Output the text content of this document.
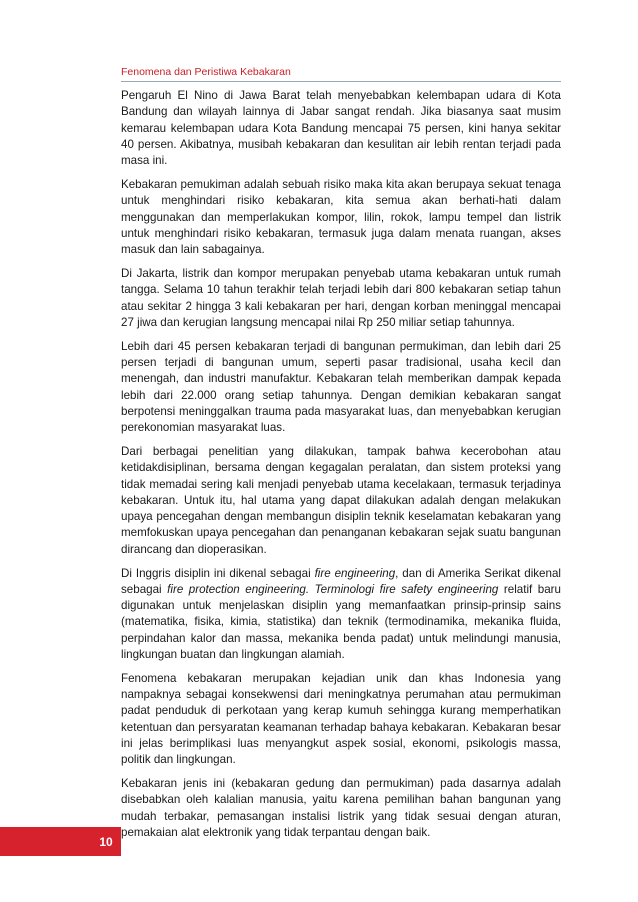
Fenomena dan Peristiwa Kebakaran

Pengaruh El Nino di Jawa Barat telah menyebabkan kelembapan udara di Kota Bandung dan wilayah lainnya di Jabar sangat rendah. Jika biasanya saat musim kemarau kelembapan udara Kota Bandung mencapai 75 persen, kini hanya sekitar 40 persen. Akibatnya, musibah kebakaran dan kesulitan air lebih rentan terjadi pada masa ini.

Kebakaran pemukiman adalah sebuah risiko maka kita akan berupaya sekuat tenaga untuk menghindari risiko kebakaran, kita semua akan berhati-hati dalam menggunakan dan memperlakukan kompor, lilin, rokok, lampu tempel dan listrik untuk menghindari risiko kebakaran, termasuk juga dalam menata ruangan, akses masuk dan lain sabagainya.

Di Jakarta, listrik dan kompor merupakan penyebab utama kebakaran untuk rumah tangga. Selama 10 tahun terakhir telah terjadi lebih dari 800 kebakaran setiap tahun atau sekitar 2 hingga 3 kali kebakaran per hari, dengan korban meninggal mencapai 27 jiwa dan kerugian langsung mencapai nilai Rp 250 miliar setiap tahunnya.

Lebih dari 45 persen kebakaran terjadi di bangunan permukiman, dan lebih dari 25 persen terjadi di bangunan umum, seperti pasar tradisional, usaha kecil dan menengah, dan industri manufaktur. Kebakaran telah memberikan dampak kepada lebih dari 22.000 orang setiap tahunnya. Dengan demikian kebakaran sangat berpotensi meninggalkan trauma pada masyarakat luas, dan menyebabkan kerugian perekonomian masyarakat luas.

Dari berbagai penelitian yang dilakukan, tampak bahwa kecerobohan atau ketidakdisiplinan, bersama dengan kegagalan peralatan, dan sistem proteksi yang tidak memadai sering kali menjadi penyebab utama kecelakaan, termasuk terjadinya kebakaran. Untuk itu, hal utama yang dapat dilakukan adalah dengan melakukan upaya pencegahan dengan membangun disiplin teknik keselamatan kebakaran yang memfokuskan upaya pencegahan dan penanganan kebakaran sejak suatu bangunan dirancang dan dioperasikan.

Di Inggris disiplin ini dikenal sebagai fire engineering, dan di Amerika Serikat dikenal sebagai fire protection engineering. Terminologi fire safety engineering relatif baru digunakan untuk menjelaskan disiplin yang memanfaatkan prinsip-prinsip sains (matematika, fisika, kimia, statistika) dan teknik (termodinamika, mekanika fluida, perpindahan kalor dan massa, mekanika benda padat) untuk melindungi manusia, lingkungan buatan dan lingkungan alamiah.

Fenomena kebakaran merupakan kejadian unik dan khas Indonesia yang nampaknya sebagai konsekwensi dari meningkatnya perumahan atau permukiman padat penduduk di perkotaan yang kerap kumuh sehingga kurang memperhatikan ketentuan dan persyaratan keamanan terhadap bahaya kebakaran. Kebakaran besar ini jelas berimplikasi luas menyangkut aspek sosial, ekonomi, psikologis massa, politik dan lingkungan.

Kebakaran jenis ini (kebakaran gedung dan permukiman) pada dasarnya adalah disebabkan oleh kalalian manusia, yaitu karena pemilihan bahan bangunan yang mudah terbakar, pemasangan instalisi listrik yang tidak sesuai dengan aturan, pemakaian alat elektronik yang tidak terpantau dengan baik.

10
